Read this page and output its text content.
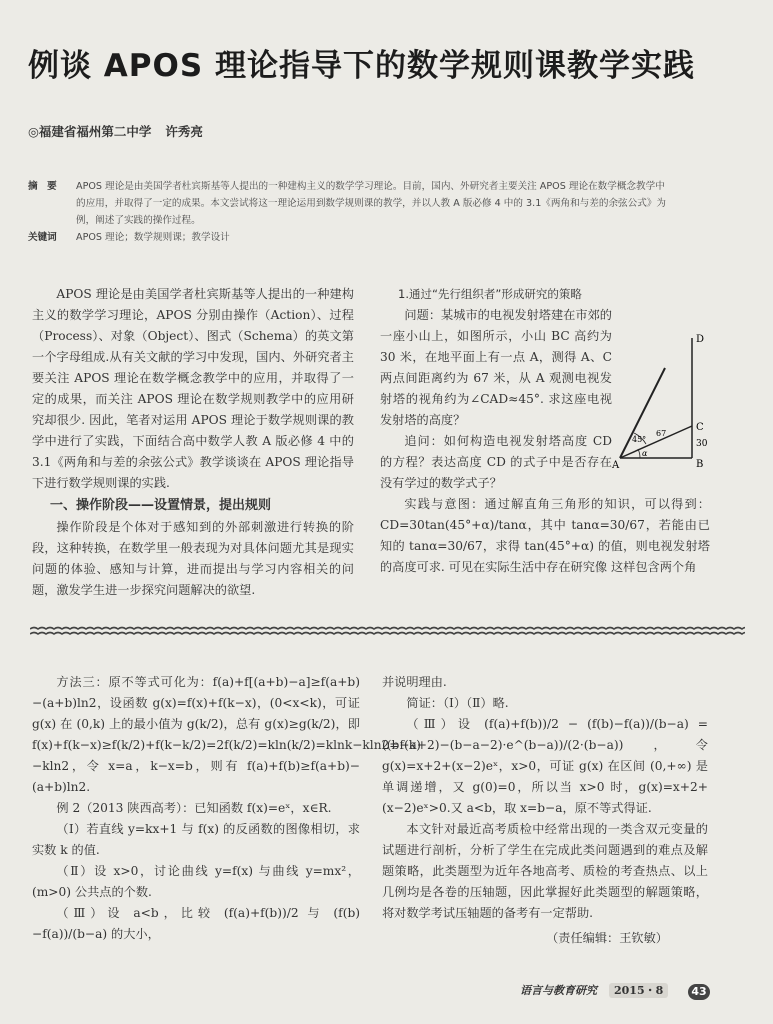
例谈 APOS 理论指导下的数学规则课教学实践
◎福建省福州第二中学 许秀亮
摘　要	APOS 理论是由美国学者杜宾斯基等人提出的一种建构主义的数学学习理论。目前，国内、外研究者主要关注 APOS 理论在数学概念教学中的应用，并取得了一定的成果。本文尝试将这一理论运用到数学规则课的教学，并以人教 A 版必修 4 中的 3.1《两角和与差的余弦公式》为例，阐述了实践的操作过程。
关键词	APOS 理论；数学规则课；教学设计

APOS 理论是由美国学者杜宾斯基等人提出的一种建构主义的数学学习理论，APOS 分别由操作（Action）、过程（Process）、对象（Object）、图式（Schema）的英文第一个字母组成.从有关文献的学习中发现，国内、外研究者主要关注 APOS 理论在数学概念教学中的应用，并取得了一定的成果，而关注 APOS 理论在数学规则教学中的应用研究却很少. 因此，笔者对运用 APOS 理论于数学规则课的教学中进行了实践，下面结合高中数学人教 A 版必修 4 中的 3.1《两角和与差的余弦公式》教学谈谈在 APOS 理论指导下进行数学规则课的实践.

一、操作阶段——设置情景，提出规则

操作阶段是个体对于感知到的外部刺激进行转换的阶段，这种转换，在数学里一般表现为对具体问题尤其是现实问题的体验、感知与计算，进而提出与学习内容相关的问题，激发学生进一步探究问题解决的欲望.

1.通过“先行组织者”形成研究的策略

问题：某城市的电视发射塔建在市郊的一座小山上，如图所示，小山 BC 高约为 30 米，在地平面上有一点 A，测得 A、C 两点间距离约为 67 米，从 A 观测电视发射塔的视角约为∠CAD≈45°. 求这座电视发射塔的高度？

追问：如何构造电视发射塔高度 CD 的方程？表达高度 CD 的式子中是否存在没有学过的数学式子？

实践与意图：通过解直角三角形的知识，可以得到：CD=30tan(45°+α)/tanα，其中 tanα=30/67，若能由已知的 tanα=30/67，求得 tan(45°+α) 的值，则电视发射塔的高度可求. 可见在实际生活中存在研究像 这样包含两个角

A	B
C
D
45°
67
30
α

方法三：原不等式可化为：f(a)+f[(a+b)−a]≥f(a+b)−(a+b)ln2，设函数 g(x)=f(x)+f(k−x)，(0<x<k)，可证 g(x) 在 (0,k) 上的最小值为 g(k/2)，总有 g(x)≥g(k/2)，即 f(x)+f(k−x)≥f(k/2)+f(k−k/2)=2f(k/2)=kln(k/2)=klnk−kln2=f(k)−kln2，令 x=a，k−x=b，则有 f(a)+f(b)≥f(a+b)−(a+b)ln2.

例 2（2013 陕西高考）：已知函数 f(x)=eˣ，x∈R.

（Ⅰ）若直线 y=kx+1 与 f(x) 的反函数的图像相切，求实数 k 的值.

（Ⅱ）设 x>0，讨论曲线 y=f(x) 与曲线 y=mx²，(m>0) 公共点的个数.

（Ⅲ）设 a<b，比较 (f(a)+f(b))/2 与 (f(b)−f(a))/(b−a) 的大小，

并说明理由.

简证：（Ⅰ）（Ⅱ）略.

（Ⅲ）设 (f(a)+f(b))/2 − (f(b)−f(a))/(b−a) = ((b−a+2)−(b−a−2)·e^(b−a))/(2·(b−a))，令 g(x)=x+2+(x−2)eˣ，x>0，可证 g(x) 在区间 (0,+∞) 是单调递增，又 g(0)=0，所以当 x>0 时，g(x)=x+2+(x−2)eˣ>0.又 a<b，取 x=b−a，原不等式得证.

本文针对最近高考质检中经常出现的一类含双元变量的试题进行剖析，分析了学生在完成此类问题遇到的难点及解题策略，此类题型为近年各地高考、质检的考查热点、以上几例均是各卷的压轴题，因此掌握好此类题型的解题策略，将对数学考试压轴题的备考有一定帮助.

（责任编辑：王钦敏）

语言与教育研究 2015・8	43
